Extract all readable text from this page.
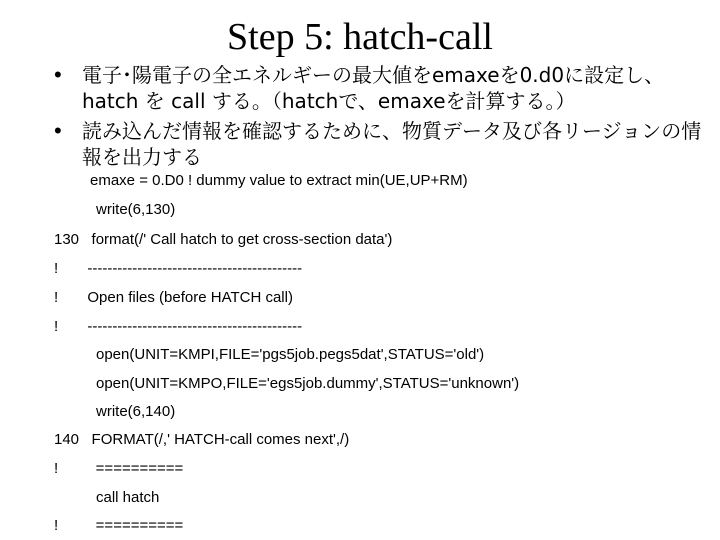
Step 5: hatch-call
• 電子･陽電子の全エネルギーの最大値をemaxeを0.d0に設定し、hatch を call する。（hatchで、emaxeを計算する。）
• 読み込んだ情報を確認するために、物質データ及び各リージョンの情報を出力する
emaxe = 0.D0 ! dummy value to extract min(UE,UP+RM)
write(6,130)
130   format(/' Call hatch to get cross-section data')
!       -------------------------------------------
!       Open files (before HATCH call)
!       -------------------------------------------
open(UNIT=KMPI,FILE='pgs5job.pegs5dat',STATUS='old')
open(UNIT=KMPO,FILE='egs5job.dummy',STATUS='unknown')
write(6,140)
140   FORMAT(/,' HATCH-call comes next',/)
!         ==========
call hatch
!         ==========
